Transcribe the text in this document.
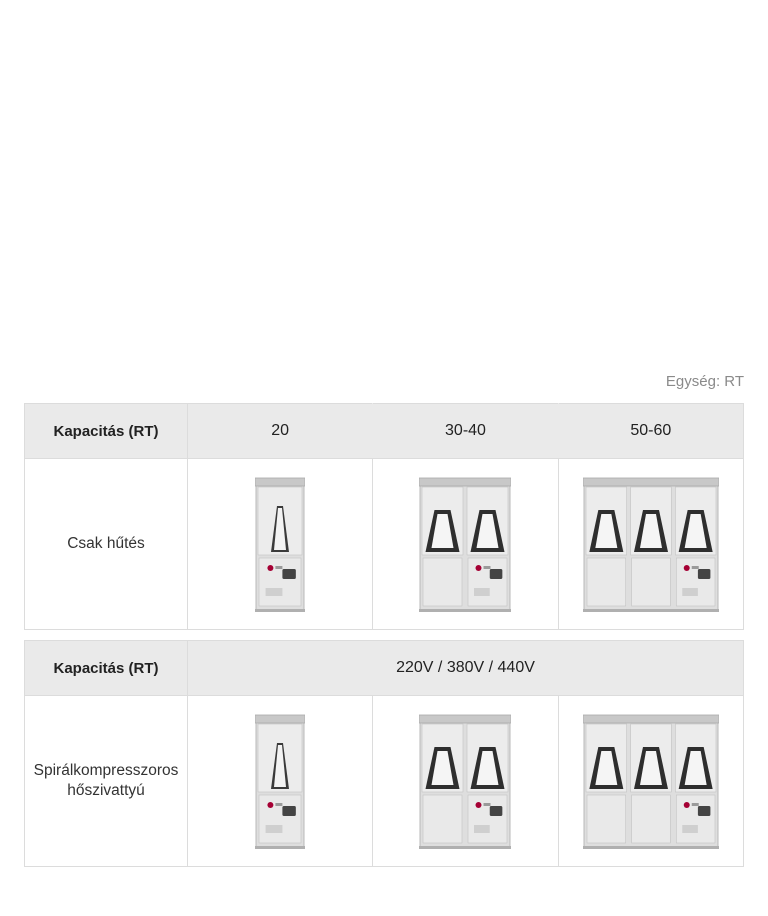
Egység: RT
Kapacitás (RT)	20	30-40	50-60
Csak hűtés	

Kapacitás (RT)	220V / 380V / 440V		
Spirálkompresszoros
hőszivattyú	
